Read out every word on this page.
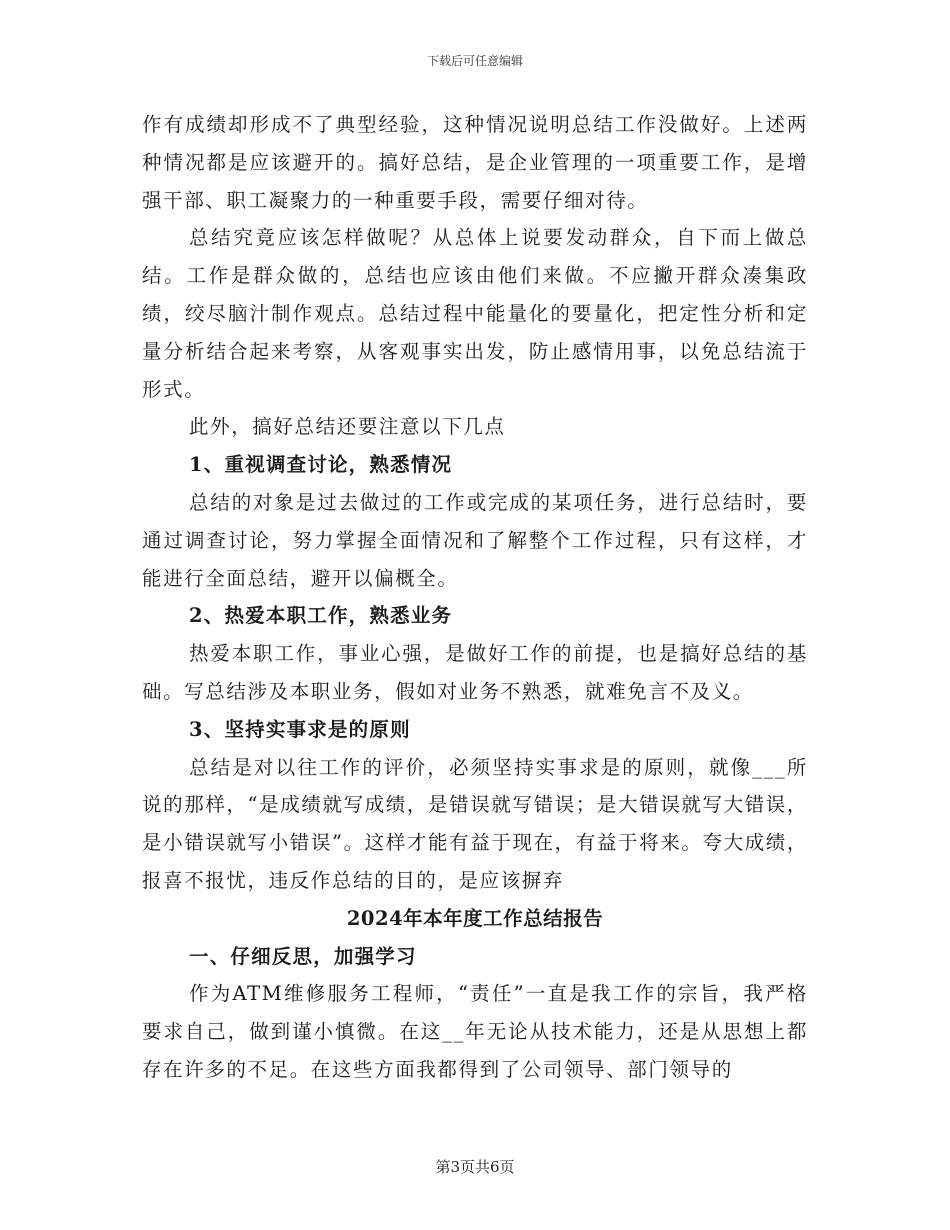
下载后可任意编辑

作有成绩却形成不了典型经验，这种情况说明总结工作没做好。上述两种情况都是应该避开的。搞好总结，是企业管理的一项重要工作，是增强干部、职工凝聚力的一种重要手段，需要仔细对待。

总结究竟应该怎样做呢？从总体上说要发动群众，自下而上做总结。工作是群众做的，总结也应该由他们来做。不应撇开群众凑集政绩，绞尽脑汁制作观点。总结过程中能量化的要量化，把定性分析和定量分析结合起来考察，从客观事实出发，防止感情用事，以免总结流于形式。

此外，搞好总结还要注意以下几点

1、重视调查讨论，熟悉情况

总结的对象是过去做过的工作或完成的某项任务，进行总结时，要通过调查讨论，努力掌握全面情况和了解整个工作过程，只有这样，才能进行全面总结，避开以偏概全。

2、热爱本职工作，熟悉业务

热爱本职工作，事业心强，是做好工作的前提，也是搞好总结的基础。写总结涉及本职业务，假如对业务不熟悉，就难免言不及义。

3、坚持实事求是的原则

总结是对以往工作的评价，必须坚持实事求是的原则，就像___所说的那样，“是成绩就写成绩，是错误就写错误；是大错误就写大错误，是小错误就写小错误”。这样才能有益于现在，有益于将来。夸大成绩，报喜不报忧，违反作总结的目的，是应该摒弃

2024年本年度工作总结报告

一、仔细反思，加强学习

作为ATM维修服务工程师，“责任”一直是我工作的宗旨，我严格要求自己，做到谨小慎微。在这__年无论从技术能力，还是从思想上都存在许多的不足。在这些方面我都得到了公司领导、部门领导的

第3页共6页
